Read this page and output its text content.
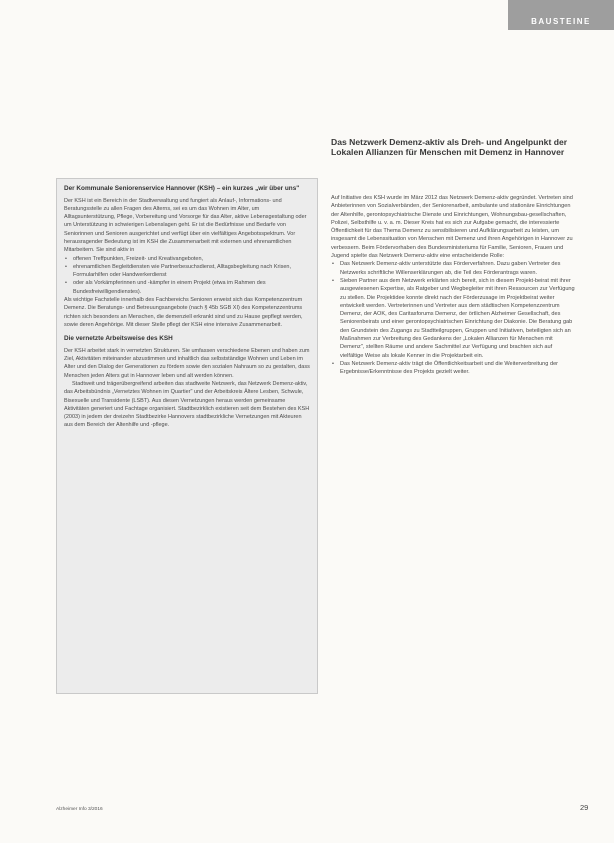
BAUSTEINE
Der Kommunale Seniorenservice Hannover (KSH) – ein kurzes „wir über uns"

Der KSH ist ein Bereich in der Stadtverwaltung und fungiert als Anlauf-, Informations- und Beratungsstelle zu allen Fragen des Alterns, sei es um das Wohnen im Alter, um Alltagsunterstützung, Pflege, Vorbereitung und Vorsorge für das Alter, aktive Lebensgestaltung oder um Unterstützung in schwierigen Lebenslagen geht. Er ist die Bedürfnisse und Bedarfe von Seniorinnen und Senioren ausgerichtet und verfügt über ein vielfältiges Angebotsspektrum. Vor herausragender Bedeutung ist im KSH die Zusammenarbeit mit externen und ehrenamtlichen Mitarbeitern. Sie sind aktiv in

• offenen Treffpunkten, Freizeit- und Kreativangeboten,
• ehrenamtlichen Begleitdiensten wie Partnerbesuchsdienst, Alltagsbegleitung nach Krisen, Formularhilfen oder Handwerkerdienst
• oder als Vorkämpferinnen und -kämpfer in einem Projekt (etwa im Rahmen des Bundesfreiwilligendienstes).

Als wichtige Fachstelle innerhalb des Fachbereichs Senioren erweist sich das Kompetenzzentrum Demenz. Die Beratungs- und Betreuungsangebote (nach § 45b SGB XI) des Kompetenzzentrums richten sich besonders an Menschen, die demenziell erkrankt sind und zu Hause gepflegt werden, sowie deren Angehörige. Mit dieser Stelle pflegt der KSH eine intensive Zusammenarbeit.

Die vernetzte Arbeitsweise des KSH

Der KSH arbeitet stark in vernetzten Strukturen. Sie umfassen verschiedene Ebenen und haben zum Ziel, Aktivitäten miteinander abzustimmen und inhaltlich das selbstständige Wohnen und Leben im Alter und den Dialog der Generationen zu fördern sowie den sozialen Nahraum so zu gestalten, dass Menschen jeden Alters gut in Hannover leben und alt werden können.

Stadtweit und trägerübergreifend arbeiten das stadtweite Netzwerk, das Netzwerk Demenz-aktiv, das Arbeitsbündnis „Vernetztes Wohnen im Quartier" und der Arbeitskreis Ältere Lesben, Schwule, Bisexuelle und Transidente (LSBT). Aus diesen Vernetzungen heraus werden gemeinsame Aktivitäten generiert und Fachtage organisiert. Stadtbezirklich existieren seit dem Bestehen des KSH (2003) in jedem der dreizehn Stadtbezirke Hannovers stadtbezirkliche Vernetzungen mit Akteuren aus dem Bereich der Altenhilfe und -pflege.

Das Netzwerk Demenz-aktiv als Dreh- und Angelpunkt der Lokalen Allianzen für Menschen mit Demenz in Hannover

Auf Initiative des KSH wurde im März 2012 das Netzwerk Demenz-aktiv gegründet. Vertreten sind Anbieterinnen von Sozialverbänden, der Seniorenarbeit, ambulante und stationäre Einrichtungen der Altenhilfe, gerontopsychiatrische Dienste und Einrichtungen, Wohnungsbau-gesellschaften, Polizei, Selbsthilfe u. v. a. m. Dieser Kreis hat es sich zur Aufgabe gemacht, die interessierte Öffentlichkeit für das Thema Demenz zu sensibilisieren und Aufklärungsarbeit zu leisten, um insgesamt die Lebenssituation von Menschen mit Demenz und ihren Angehörigen in Hannover zu verbessern. Beim Fördervorhaben des Bundesministeriums für Familie, Senioren, Frauen und Jugend spielte das Netzwerk Demenz-aktiv eine entscheidende Rolle:

• Das Netzwerk Demenz-aktiv unterstützte das Förderverfahren. Dazu gaben Vertreter des Netzwerks schriftliche Willenserklärungen ab, die Teil des Förderantrags waren.
• Sieben Partner aus dem Netzwerk erklärten sich bereit, sich in diesem Projekt-beirat mit ihrer ausgewiesenen Expertise, als Ratgeber und Wegbegleiter mit ihren Ressourcen zur Verfügung zu stellen. Die Projektidee konnte direkt nach der Förderzusage im Projektbeirat weiter entwickelt werden. Vertreterinnen und Vertreter aus dem städtischen Kompetenzzentrum Demenz, der AOK, des Caritasforums Demenz, der örtlichen Alzheimer Gesellschaft, des Seniorenbeirats und einer gerontopsychiatrischen Einrichtung der Diakonie. Die Beratung gab den Grundstein des Zugangs zu Stadtteilgruppen, Gruppen und Initiativen, beteiligten sich an Maßnahmen zur Verbreitung des Gedankens der „Lokalen Allianzen für Menschen mit Demenz", stellten Räume und andere Sachmittel zur Verfügung und brachten sich auf vielfältige Weise als lokale Kenner in die Projektarbeit ein.
• Das Netzwerk Demenz-aktiv trägt die Öffentlichkeitsarbeit und die Weiterverbreitung der Ergebnisse/Erkenntnisse des Projekts gezielt weiter.
Alzheimer Info 3/2016	29
